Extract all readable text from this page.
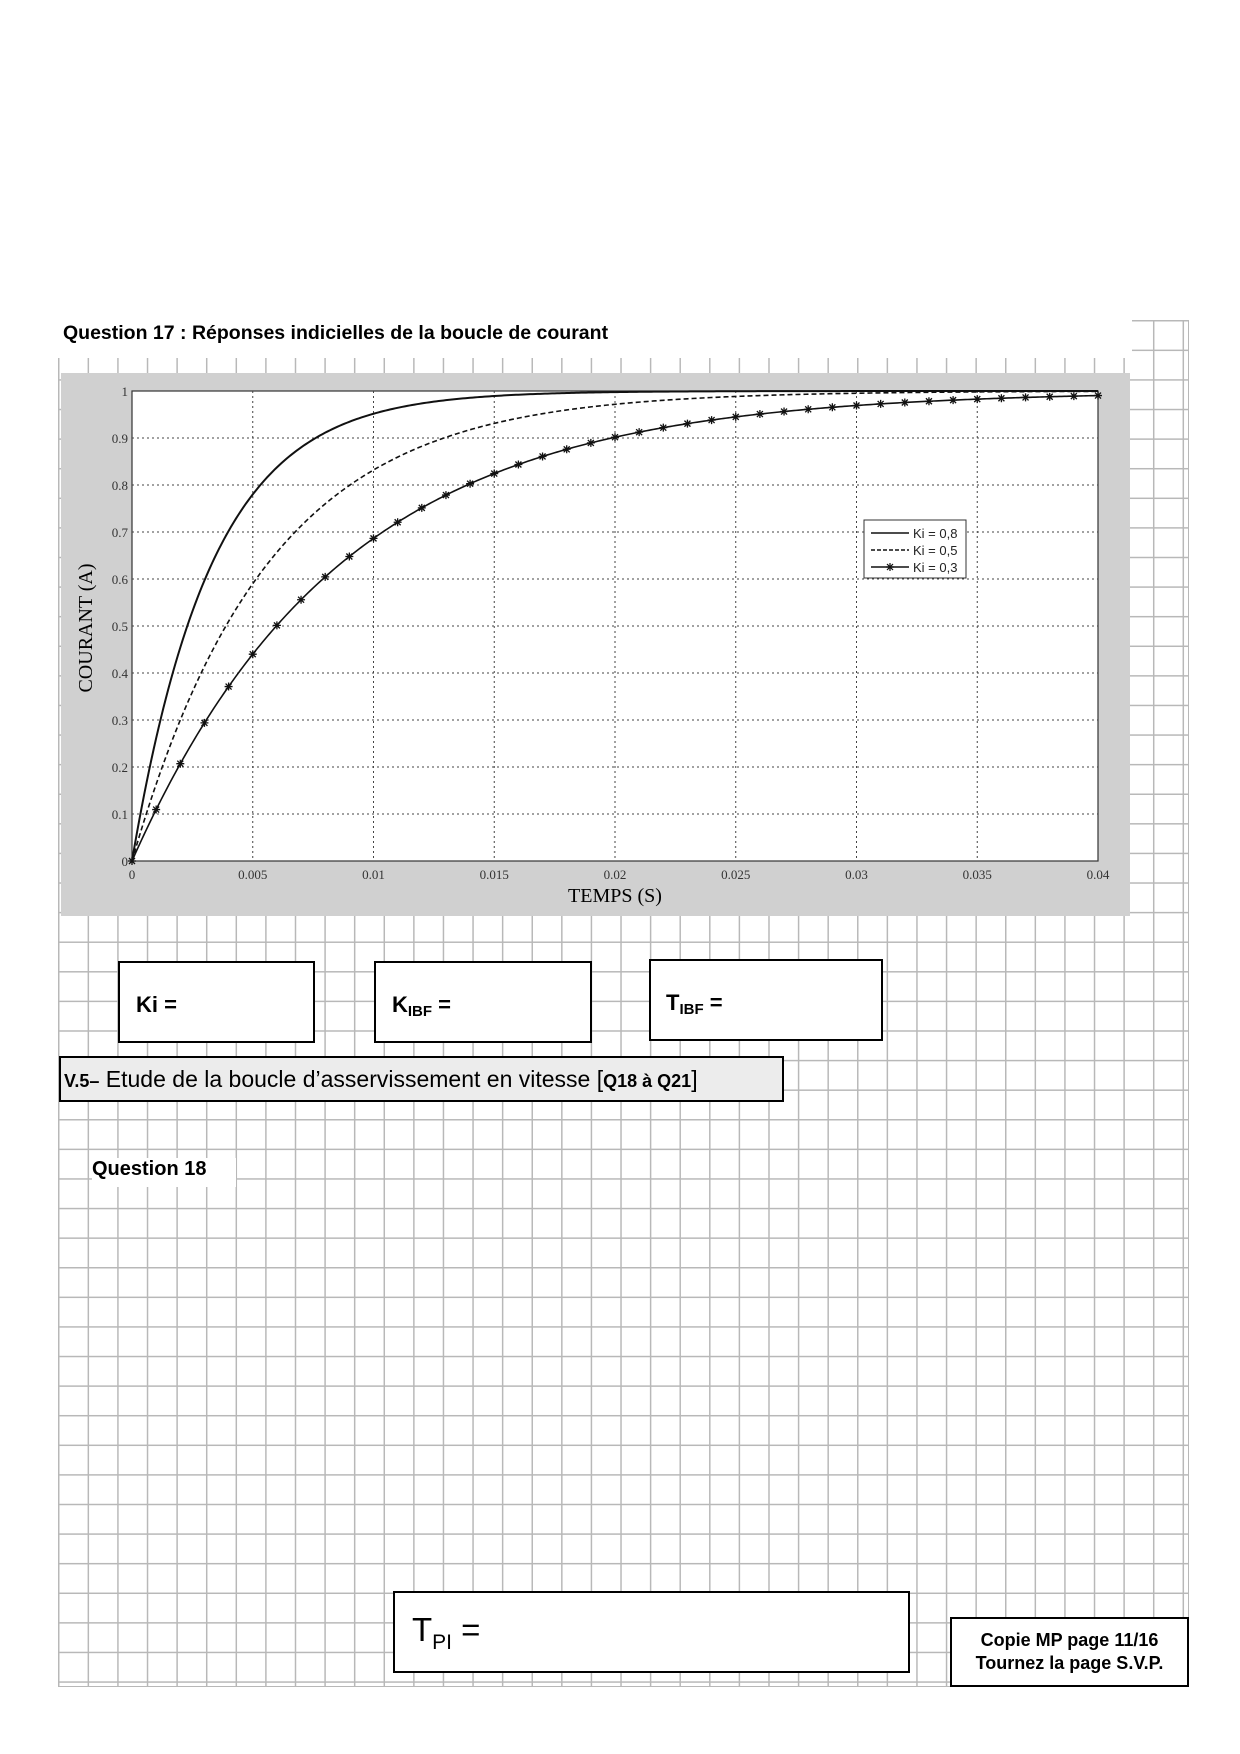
Question 17 : Réponses indicielles de la boucle de courant
0	0.005	0.01	0.015	0.02	0.025	0.03	0.035	0.04
0
0.1
0.2
0.3
0.4
0.5
0.6
0.7
0.8
0.9
1
TEMPS (S)
COURANT (A)
Ki = 0,8
Ki = 0,5
Ki = 0,3
Ki =	$K_{IBF}$ =	$T_{IBF}$ =
V.5– Etude de la boucle d’asservissement en vitesse [Q18 à Q21]
Question 18
$T_{PI}$ =	Copie MP page 11/16
Tournez la page S.V.P.
